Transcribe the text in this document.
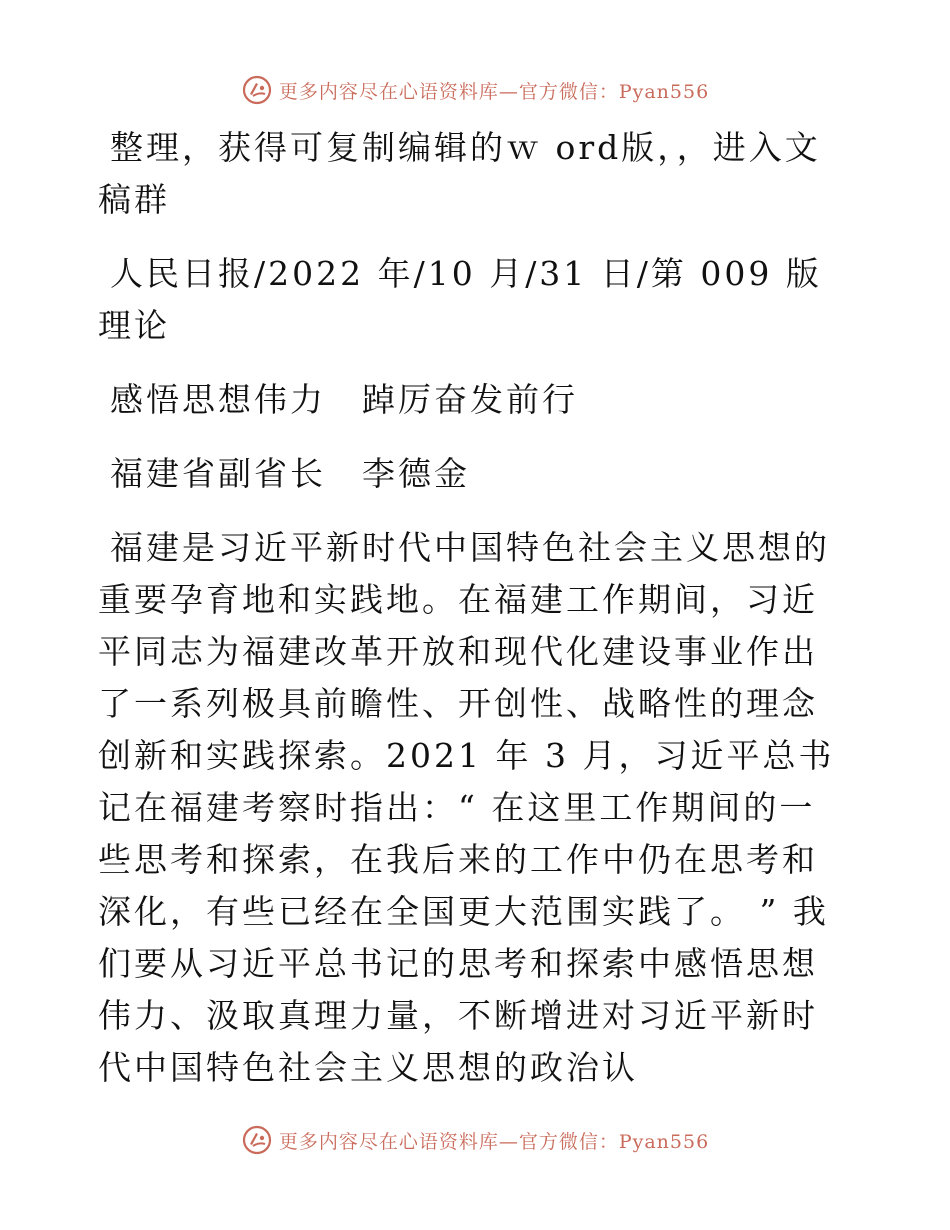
更多内容尽在心语资料库—官方微信：Pyan556

整理，获得可复制编辑的ｗ ord版，，进入文稿群

人民日报/2022 年/10 月/31 日/第 009 版理论

感悟思想伟力　踔厉奋发前行

福建省副省长　李德金

福建是习近平新时代中国特色社会主义思想的重要孕育地和实践地。在福建工作期间，习近平同志为福建改革开放和现代化建设事业作出了一系列极具前瞻性、开创性、战略性的理念创新和实践探索。2021 年 3 月，习近平总书记在福建考察时指出：“ 在这里工作期间的一些思考和探索，在我后来的工作中仍在思考和深化，有些已经在全国更大范围实践了。 ” 我们要从习近平总书记的思考和探索中感悟思想伟力、汲取真理力量，不断增进对习近平新时代中国特色社会主义思想的政治认

更多内容尽在心语资料库—官方微信：Pyan556
